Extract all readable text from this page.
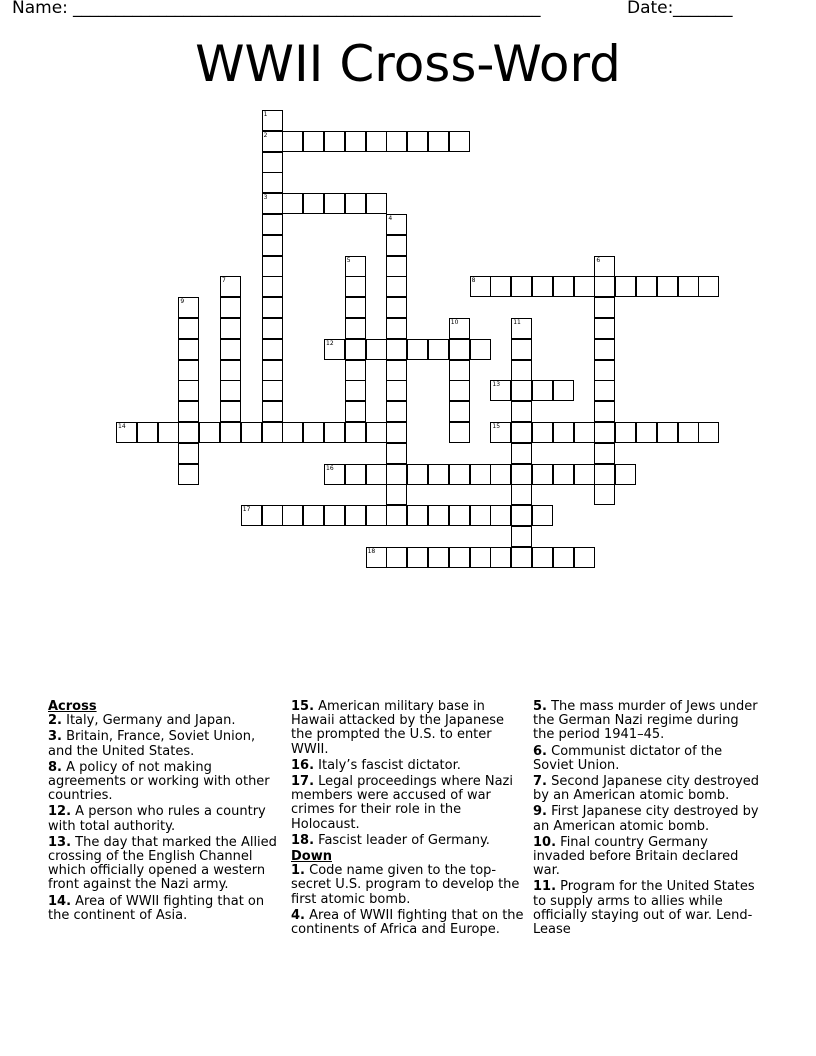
Name: _______________________________________________________	Date: _______
WWII Cross-Word
1
2
3
4
5	6
7	8
9
10	11
12
13
14	15
16
17
18
Across
2. Italy, Germany and Japan.
3. Britain, France, Soviet Union, and the United States.
8. A policy of not making agreements or working with other countries.
12. A person who rules a country with total authority.
13. The day that marked the Allied crossing of the English Channel which officially opened a western front against the Nazi army.
14. Area of WWII fighting that on the continent of Asia.
15. American military base in Hawaii attacked by the Japanese the prompted the U.S. to enter WWII.
16. Italy’s fascist dictator.
17. Legal proceedings where Nazi members were accused of war crimes for their role in the Holocaust.
18. Fascist leader of Germany.
Down
1. Code name given to the top-secret U.S. program to develop the first atomic bomb.
4. Area of WWII fighting that on the continents of Africa and Europe.
5. The mass murder of Jews under the German Nazi regime during the period 1941–45.
6. Communist dictator of the Soviet Union.
7. Second Japanese city destroyed by an American atomic bomb.
9. First Japanese city destroyed by an American atomic bomb.
10. Final country Germany invaded before Britain declared war.
11. Program for the United States to supply arms to allies while officially staying out of war. Lend-Lease
